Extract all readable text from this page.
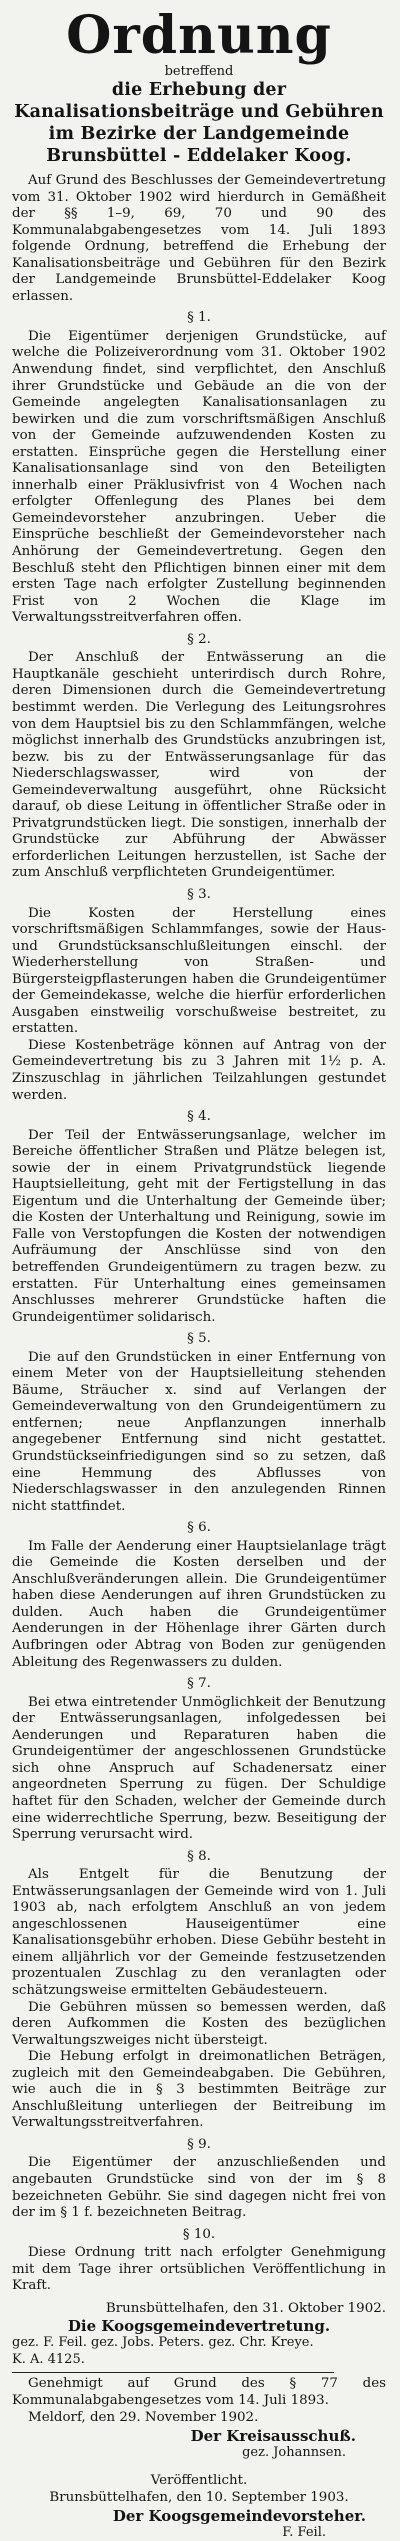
Ordnung

betreffend

die Erhebung der Kanalisationsbeiträge und Gebühren im Bezirke der Landgemeinde Brunsbüttel - Eddelaker Koog.

Auf Grund des Beschlusses der Gemeindevertretung vom 31. Oktober 1902 wird hierdurch in Gemäßheit der §§ 1–9, 69, 70 und 90 des Kommunalabgabengesetzes vom 14. Juli 1893 folgende Ordnung, betreffend die Erhebung der Kanalisationsbeiträge und Gebühren für den Bezirk der Landgemeinde Brunsbüttel-Eddelaker Koog erlassen.

§ 1.

Die Eigentümer derjenigen Grundstücke, auf welche die Polizeiverordnung vom 31. Oktober 1902 Anwendung findet, sind verpflichtet, den Anschluß ihrer Grundstücke und Gebäude an die von der Gemeinde angelegten Kanalisationsanlagen zu bewirken und die zum vorschriftsmäßigen Anschluß von der Gemeinde aufzuwendenden Kosten zu erstatten. Einsprüche gegen die Herstellung einer Kanalisationsanlage sind von den Beteiligten innerhalb einer Präklusivfrist von 4 Wochen nach erfolgter Offenlegung des Planes bei dem Gemeindevorsteher anzubringen. Ueber die Einsprüche beschließt der Gemeindevorsteher nach Anhörung der Gemeindevertretung. Gegen den Beschluß steht den Pflichtigen binnen einer mit dem ersten Tage nach erfolgter Zustellung beginnenden Frist von 2 Wochen die Klage im Verwaltungsstreitverfahren offen.

§ 2.

Der Anschluß der Entwässerung an die Hauptkanäle geschieht unterirdisch durch Rohre, deren Dimensionen durch die Gemeindevertretung bestimmt werden. Die Verlegung des Leitungsrohres von dem Hauptsiel bis zu den Schlammfängen, welche möglichst innerhalb des Grundstücks anzubringen ist, bezw. bis zu der Entwässerungsanlage für das Niederschlagswasser, wird von der Gemeindeverwaltung ausgeführt, ohne Rücksicht darauf, ob diese Leitung in öffentlicher Straße oder in Privatgrundstücken liegt. Die sonstigen, innerhalb der Grundstücke zur Abführung der Abwässer erforderlichen Leitungen herzustellen, ist Sache der zum Anschluß verpflichteten Grundeigentümer.

§ 3.

Die Kosten der Herstellung eines vorschriftsmäßigen Schlammfanges, sowie der Haus- und Grundstücksanschlußleitungen einschl. der Wiederherstellung von Straßen- und Bürgersteigpflasterungen haben die Grundeigentümer der Gemeindekasse, welche die hierfür erforderlichen Ausgaben einstweilig vorschußweise bestreitet, zu erstatten.

Diese Kostenbeträge können auf Antrag von der Gemeindevertretung bis zu 3 Jahren mit 1½ p. A. Zinszuschlag in jährlichen Teilzahlungen gestundet werden.

§ 4.

Der Teil der Entwässerungsanlage, welcher im Bereiche öffentlicher Straßen und Plätze belegen ist, sowie der in einem Privatgrundstück liegende Hauptsielleitung, geht mit der Fertigstellung in das Eigentum und die Unterhaltung der Gemeinde über; die Kosten der Unterhaltung und Reinigung, sowie im Falle von Verstopfungen die Kosten der notwendigen Aufräumung der Anschlüsse sind von den betreffenden Grundeigentümern zu tragen bezw. zu erstatten. Für Unterhaltung eines gemeinsamen Anschlusses mehrerer Grundstücke haften die Grundeigentümer solidarisch.

§ 5.

Die auf den Grundstücken in einer Entfernung von einem Meter von der Hauptsielleitung stehenden Bäume, Sträucher x. sind auf Verlangen der Gemeindeverwaltung von den Grundeigentümern zu entfernen; neue Anpflanzungen innerhalb angegebener Entfernung sind nicht gestattet. Grundstückseinfriedigungen sind so zu setzen, daß eine Hemmung des Abflusses von Niederschlagswasser in den anzulegenden Rinnen nicht stattfindet.

§ 6.

Im Falle der Aenderung einer Hauptsielanlage trägt die Gemeinde die Kosten derselben und der Anschlußveränderungen allein. Die Grundeigentümer haben diese Aenderungen auf ihren Grundstücken zu dulden. Auch haben die Grundeigentümer Aenderungen in der Höhenlage ihrer Gärten durch Aufbringen oder Abtrag von Boden zur genügenden Ableitung des Regenwassers zu dulden.

§ 7.

Bei etwa eintretender Unmöglichkeit der Benutzung der Entwässerungsanlagen, infolgedessen bei Aenderungen und Reparaturen haben die Grundeigentümer der angeschlossenen Grundstücke sich ohne Anspruch auf Schadenersatz einer angeordneten Sperrung zu fügen. Der Schuldige haftet für den Schaden, welcher der Gemeinde durch eine widerrechtliche Sperrung, bezw. Beseitigung der Sperrung verursacht wird.

§ 8.

Als Entgelt für die Benutzung der Entwässerungsanlagen der Gemeinde wird von 1. Juli 1903 ab, nach erfolgtem Anschluß an von jedem angeschlossenen Hauseigentümer eine Kanalisationsgebühr erhoben. Diese Gebühr besteht in einem alljährlich vor der Gemeinde festzusetzenden prozentualen Zuschlag zu den veranlagten oder schätzungsweise ermittelten Gebäudesteuern.

Die Gebühren müssen so bemessen werden, daß deren Aufkommen die Kosten des bezüglichen Verwaltungszweiges nicht übersteigt.

Die Hebung erfolgt in dreimonatlichen Beträgen, zugleich mit den Gemeindeabgaben. Die Gebühren, wie auch die in § 3 bestimmten Beiträge zur Anschlußleitung unterliegen der Beitreibung im Verwaltungsstreitverfahren.

§ 9.

Die Eigentümer der anzuschließenden und angebauten Grundstücke sind von der im § 8 bezeichneten Gebühr. Sie sind dagegen nicht frei von der im § 1 f. bezeichneten Beitrag.

§ 10.

Diese Ordnung tritt nach erfolgter Genehmigung mit dem Tage ihrer ortsüblichen Veröffentlichung in Kraft.

Brunsbüttelhafen, den 31. Oktober 1902.

Die Koogsgemeindevertretung.

gez. F. Feil. gez. Jobs. Peters. gez. Chr. Kreye.

K. A. 4125.

Genehmigt auf Grund des § 77 des Kommunalabgabengesetzes vom 14. Juli 1893.

Meldorf, den 29. November 1902.

Der Kreisausschuß.

gez. Johannsen.

Veröffentlicht.

Brunsbüttelhafen, den 10. September 1903.

Der Koogsgemeindevorsteher.

F. Feil.
